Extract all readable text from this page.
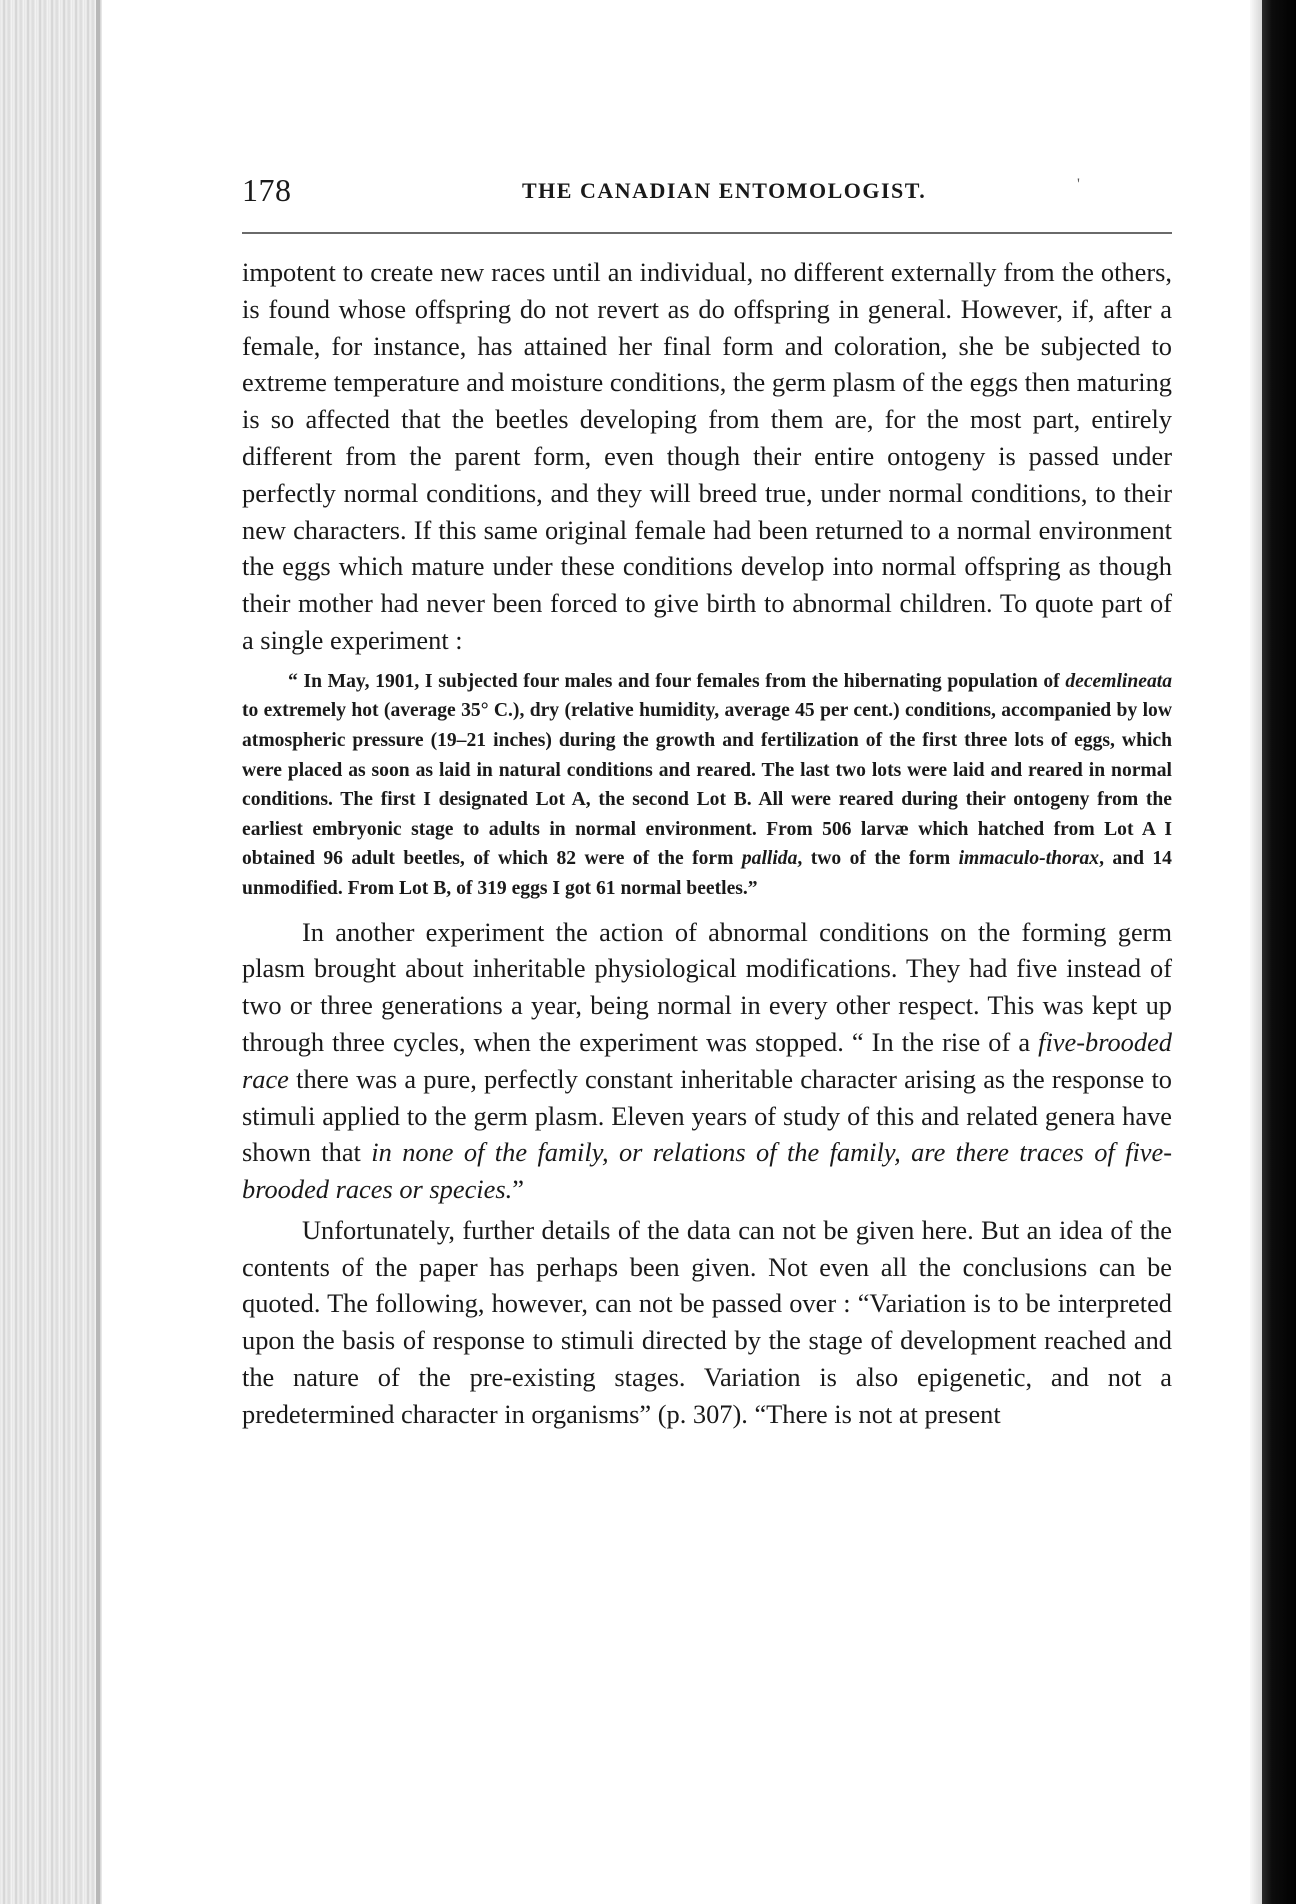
178	THE CANADIAN ENTOMOLOGIST.	'

impotent to create new races until an individual, no different externally from the others, is found whose offspring do not revert as do offspring in general. However, if, after a female, for instance, has attained her final form and coloration, she be subjected to extreme temperature and moisture conditions, the germ plasm of the eggs then maturing is so affected that the beetles developing from them are, for the most part, entirely different from the parent form, even though their entire ontogeny is passed under perfectly normal conditions, and they will breed true, under normal conditions, to their new characters. If this same original female had been returned to a normal environment the eggs which mature under these conditions develop into normal offspring as though their mother had never been forced to give birth to abnormal children. To quote part of a single experiment :

“ In May, 1901, I subjected four males and four females from the hibernating population of decemlineata to extremely hot (average 35° C.), dry (relative humidity, average 45 per cent.) conditions, accompanied by low atmospheric pressure (19–21 inches) during the growth and fertilization of the first three lots of eggs, which were placed as soon as laid in natural conditions and reared. The last two lots were laid and reared in normal conditions. The first I designated Lot A, the second Lot B. All were reared during their ontogeny from the earliest embryonic stage to adults in normal environment. From 506 larvæ which hatched from Lot A I obtained 96 adult beetles, of which 82 were of the form pallida, two of the form immaculo-thorax, and 14 unmodified. From Lot B, of 319 eggs I got 61 normal beetles.”

In another experiment the action of abnormal conditions on the forming germ plasm brought about inheritable physiological modifications. They had five instead of two or three generations a year, being normal in every other respect. This was kept up through three cycles, when the experiment was stopped. “ In the rise of a five-brooded race there was a pure, perfectly constant inheritable character arising as the response to stimuli applied to the germ plasm. Eleven years of study of this and related genera have shown that in none of the family, or relations of the family, are there traces of five-brooded races or species.”

Unfortunately, further details of the data can not be given here. But an idea of the contents of the paper has perhaps been given. Not even all the conclusions can be quoted. The following, however, can not be passed over : “Variation is to be interpreted upon the basis of response to stimuli directed by the stage of development reached and the nature of the pre-existing stages. Variation is also epigenetic, and not a predetermined character in organisms” (p. 307). “There is not at present
